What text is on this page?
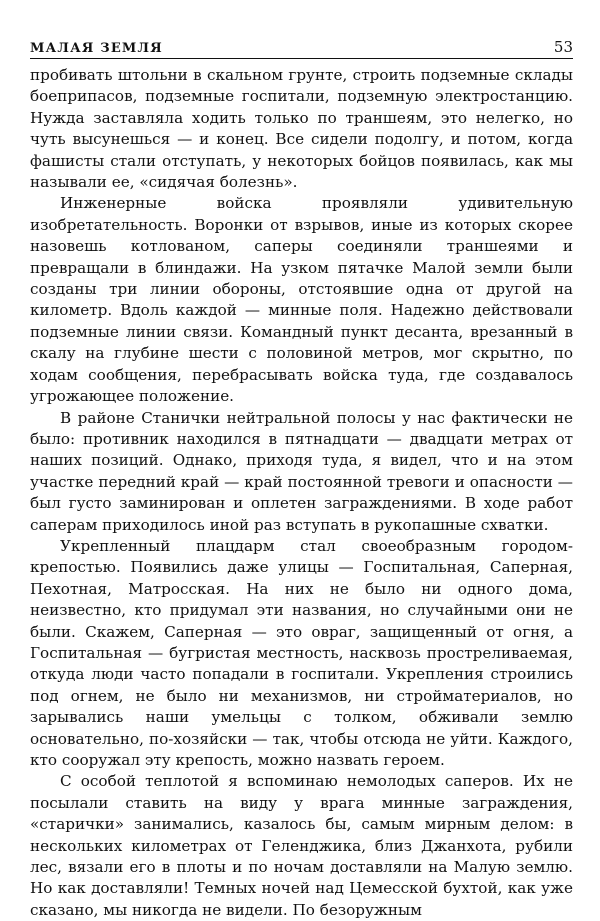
МАЛАЯ ЗЕМЛЯ	53

пробивать штольни в скальном грунте, строить подземные склады боеприпасов, подземные госпитали, подземную электростанцию. Нужда заставляла ходить только по траншеям, это нелегко, но чуть высунешься — и конец. Все сидели подолгу, и потом, когда фашисты стали отступать, у некоторых бойцов появилась, как мы называли ее, «сидячая болезнь».

Инженерные войска проявляли удивительную изобретательность. Воронки от взрывов, иные из которых скорее назовешь котлованом, саперы соединяли траншеями и превращали в блиндажи. На узком пятачке Малой земли были созданы три линии обороны, отстоявшие одна от другой на километр. Вдоль каждой — минные поля. Надежно действовали подземные линии связи. Командный пункт десанта, врезанный в скалу на глубине шести с половиной метров, мог скрытно, по ходам сообщения, перебрасывать войска туда, где создавалось угрожающее положение.

В районе Станички нейтральной полосы у нас фактически не было: противник находился в пятнадцати — двадцати метрах от наших позиций. Однако, приходя туда, я видел, что и на этом участке передний край — край постоянной тревоги и опасности — был густо заминирован и оплетен заграждениями. В ходе работ саперам приходилось иной раз вступать в рукопашные схватки.

Укрепленный плацдарм стал своеобразным городом-крепостью. Появились даже улицы — Госпитальная, Саперная, Пехотная, Матросская. На них не было ни одного дома, неизвестно, кто придумал эти названия, но случайными они не были. Скажем, Саперная — это овраг, защищенный от огня, а Госпитальная — бугристая местность, насквозь простреливаемая, откуда люди часто попадали в госпитали. Укрепления строились под огнем, не было ни механизмов, ни стройматериалов, но зарывались наши умельцы с толком, обживали землю основательно, по-хозяйски — так, чтобы отсюда не уйти. Каждого, кто сооружал эту крепость, можно назвать героем.

С особой теплотой я вспоминаю немолодых саперов. Их не посылали ставить на виду у врага минные заграждения, «старички» занимались, казалось бы, самым мирным делом: в нескольких километрах от Геленджика, близ Джанхота, рубили лес, вязали его в плоты и по ночам доставляли на Малую землю. Но как доставляли! Темных ночей над Цемесской бухтой, как уже сказано, мы никогда не видели. По безоружным
